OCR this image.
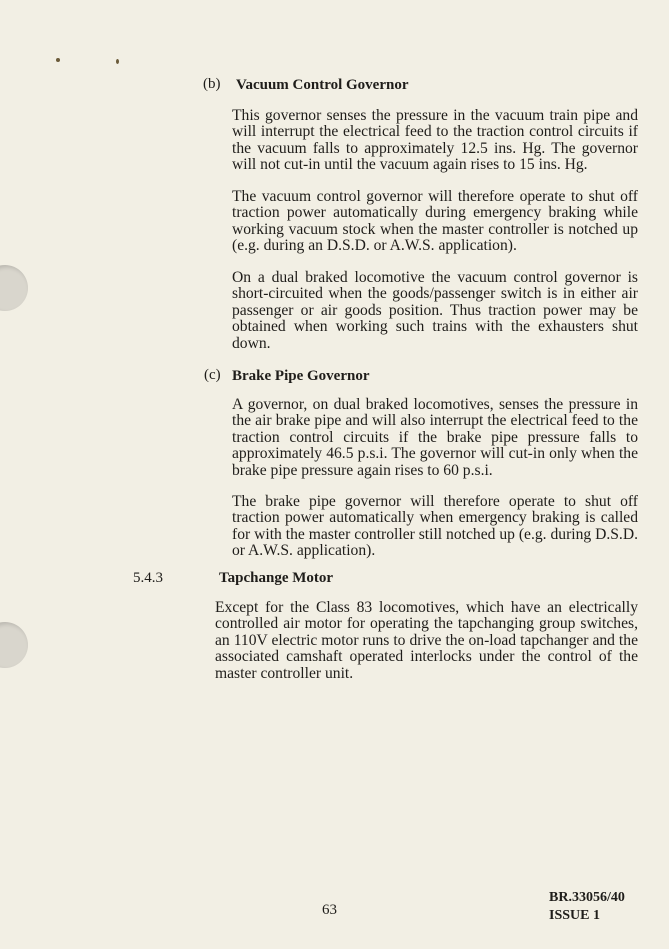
(b) Vacuum Control Governor

This governor senses the pressure in the vacuum train pipe and will interrupt the electrical feed to the traction control circuits if the vacuum falls to approximately 12.5 ins. Hg. The governor will not cut-in until the vacuum again rises to 15 ins. Hg.

The vacuum control governor will therefore operate to shut off traction power automatically during emergency braking while working vacuum stock when the master controller is notched up (e.g. during an D.S.D. or A.W.S. application).

On a dual braked locomotive the vacuum control governor is short-circuited when the goods/passenger switch is in either air passenger or air goods position. Thus traction power may be obtained when working such trains with the exhausters shut down.

(c) Brake Pipe Governor

A governor, on dual braked locomotives, senses the pressure in the air brake pipe and will also interrupt the electrical feed to the traction control circuits if the brake pipe pressure falls to approximately 46.5 p.s.i. The governor will cut-in only when the brake pipe pressure again rises to 60 p.s.i.

The brake pipe governor will therefore operate to shut off traction power automatically when emergency braking is called for with the master controller still notched up (e.g. during D.S.D. or A.W.S. application).

5.4.3	Tapchange Motor

Except for the Class 83 locomotives, which have an electrically controlled air motor for operating the tapchanging group switches, an 110V electric motor runs to drive the on-load tapchanger and the associated camshaft operated interlocks under the control of the master controller unit.

63
BR.33056/40
ISSUE 1
